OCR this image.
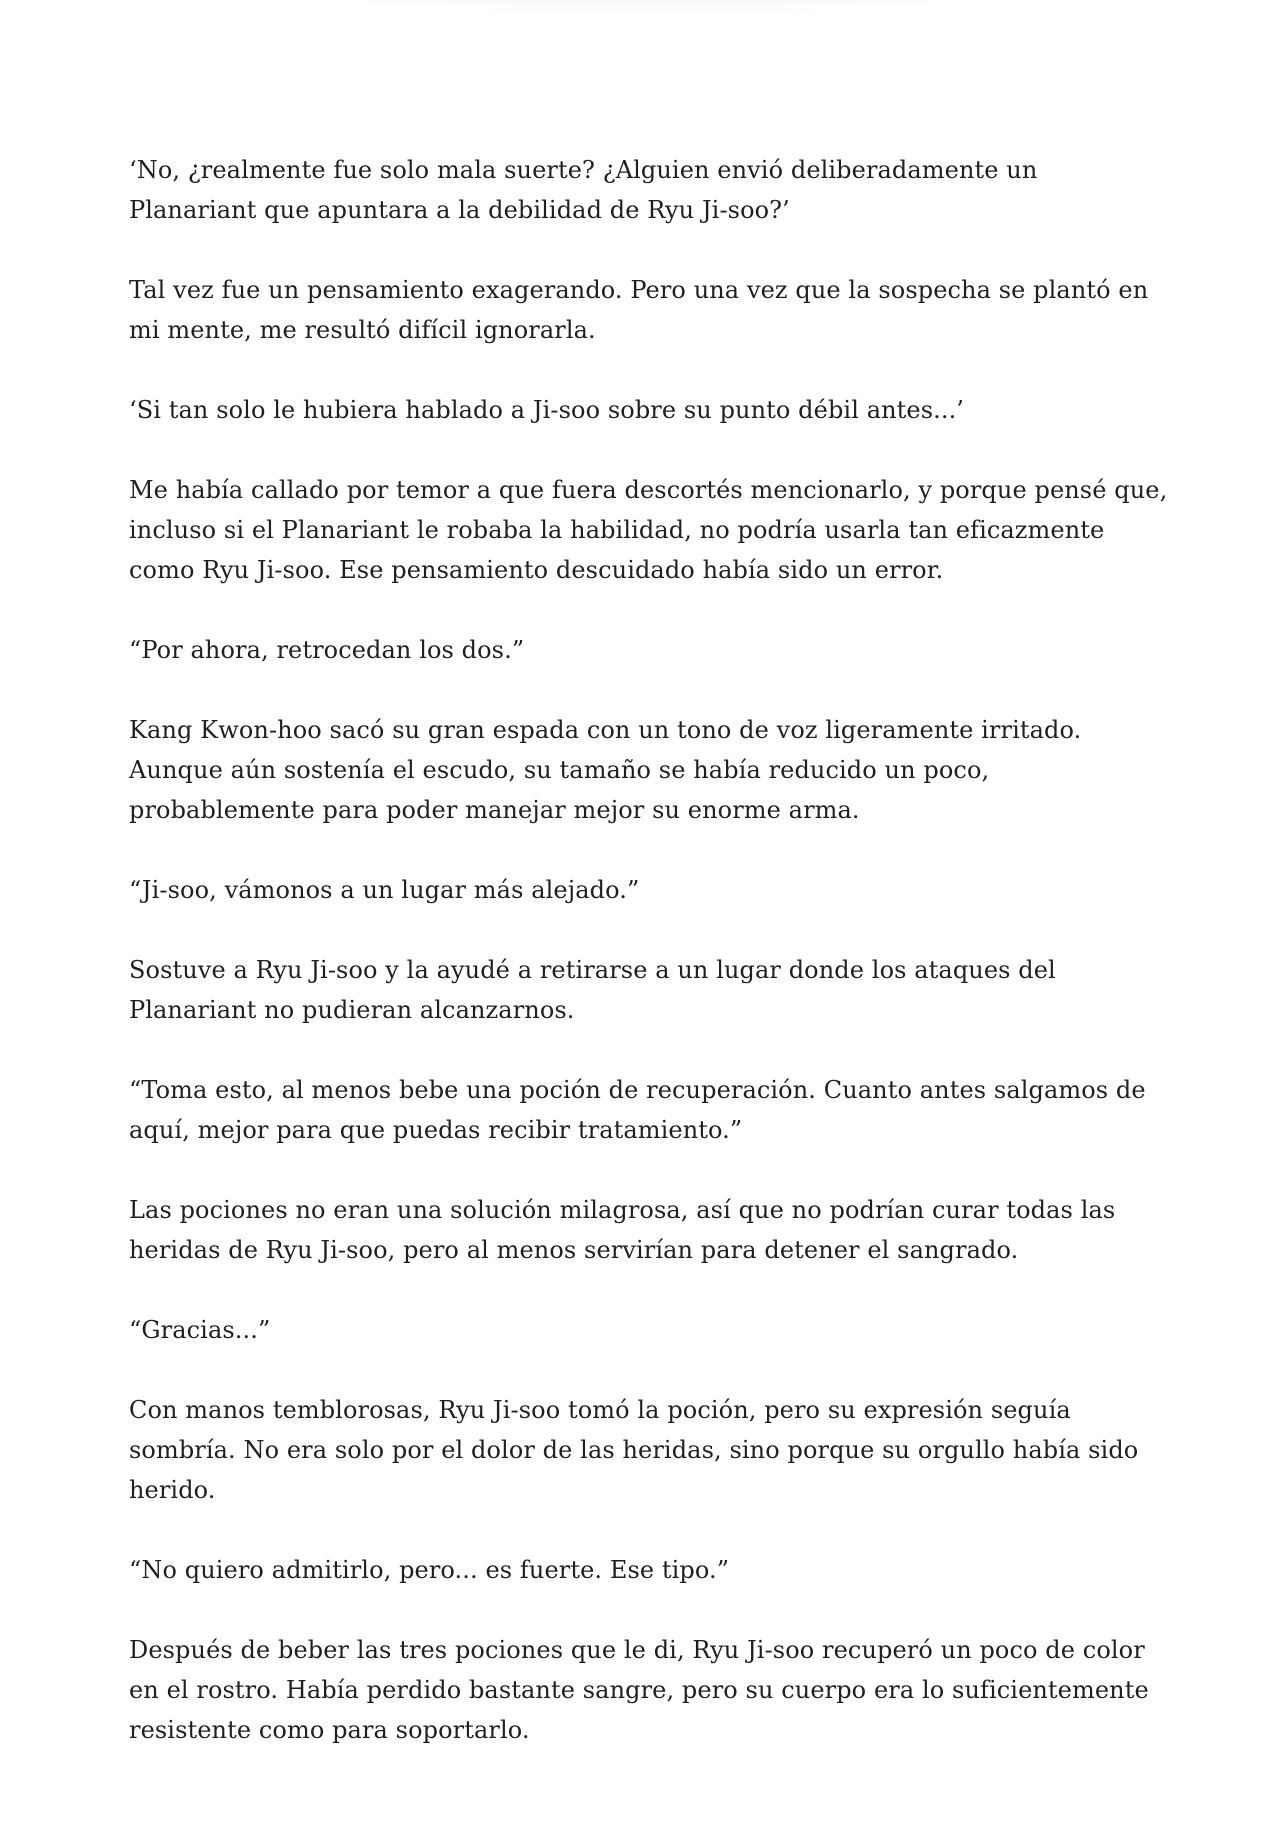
‘No, ¿realmente fue solo mala suerte? ¿Alguien envió deliberadamente un Planariant que apuntara a la debilidad de Ryu Ji-soo?’

Tal vez fue un pensamiento exagerando. Pero una vez que la sospecha se plantó en mi mente, me resultó difícil ignorarla.

‘Si tan solo le hubiera hablado a Ji-soo sobre su punto débil antes...’

Me había callado por temor a que fuera descortés mencionarlo, y porque pensé que, incluso si el Planariant le robaba la habilidad, no podría usarla tan eficazmente como Ryu Ji-soo. Ese pensamiento descuidado había sido un error.

“Por ahora, retrocedan los dos.”

Kang Kwon-hoo sacó su gran espada con un tono de voz ligeramente irritado. Aunque aún sostenía el escudo, su tamaño se había reducido un poco, probablemente para poder manejar mejor su enorme arma.

“Ji-soo, vámonos a un lugar más alejado.”

Sostuve a Ryu Ji-soo y la ayudé a retirarse a un lugar donde los ataques del Planariant no pudieran alcanzarnos.

“Toma esto, al menos bebe una poción de recuperación. Cuanto antes salgamos de aquí, mejor para que puedas recibir tratamiento.”

Las pociones no eran una solución milagrosa, así que no podrían curar todas las heridas de Ryu Ji-soo, pero al menos servirían para detener el sangrado.

“Gracias...”

Con manos temblorosas, Ryu Ji-soo tomó la poción, pero su expresión seguía sombría. No era solo por el dolor de las heridas, sino porque su orgullo había sido herido.

“No quiero admitirlo, pero... es fuerte. Ese tipo.”

Después de beber las tres pociones que le di, Ryu Ji-soo recuperó un poco de color en el rostro. Había perdido bastante sangre, pero su cuerpo era lo suficientemente resistente como para soportarlo.
